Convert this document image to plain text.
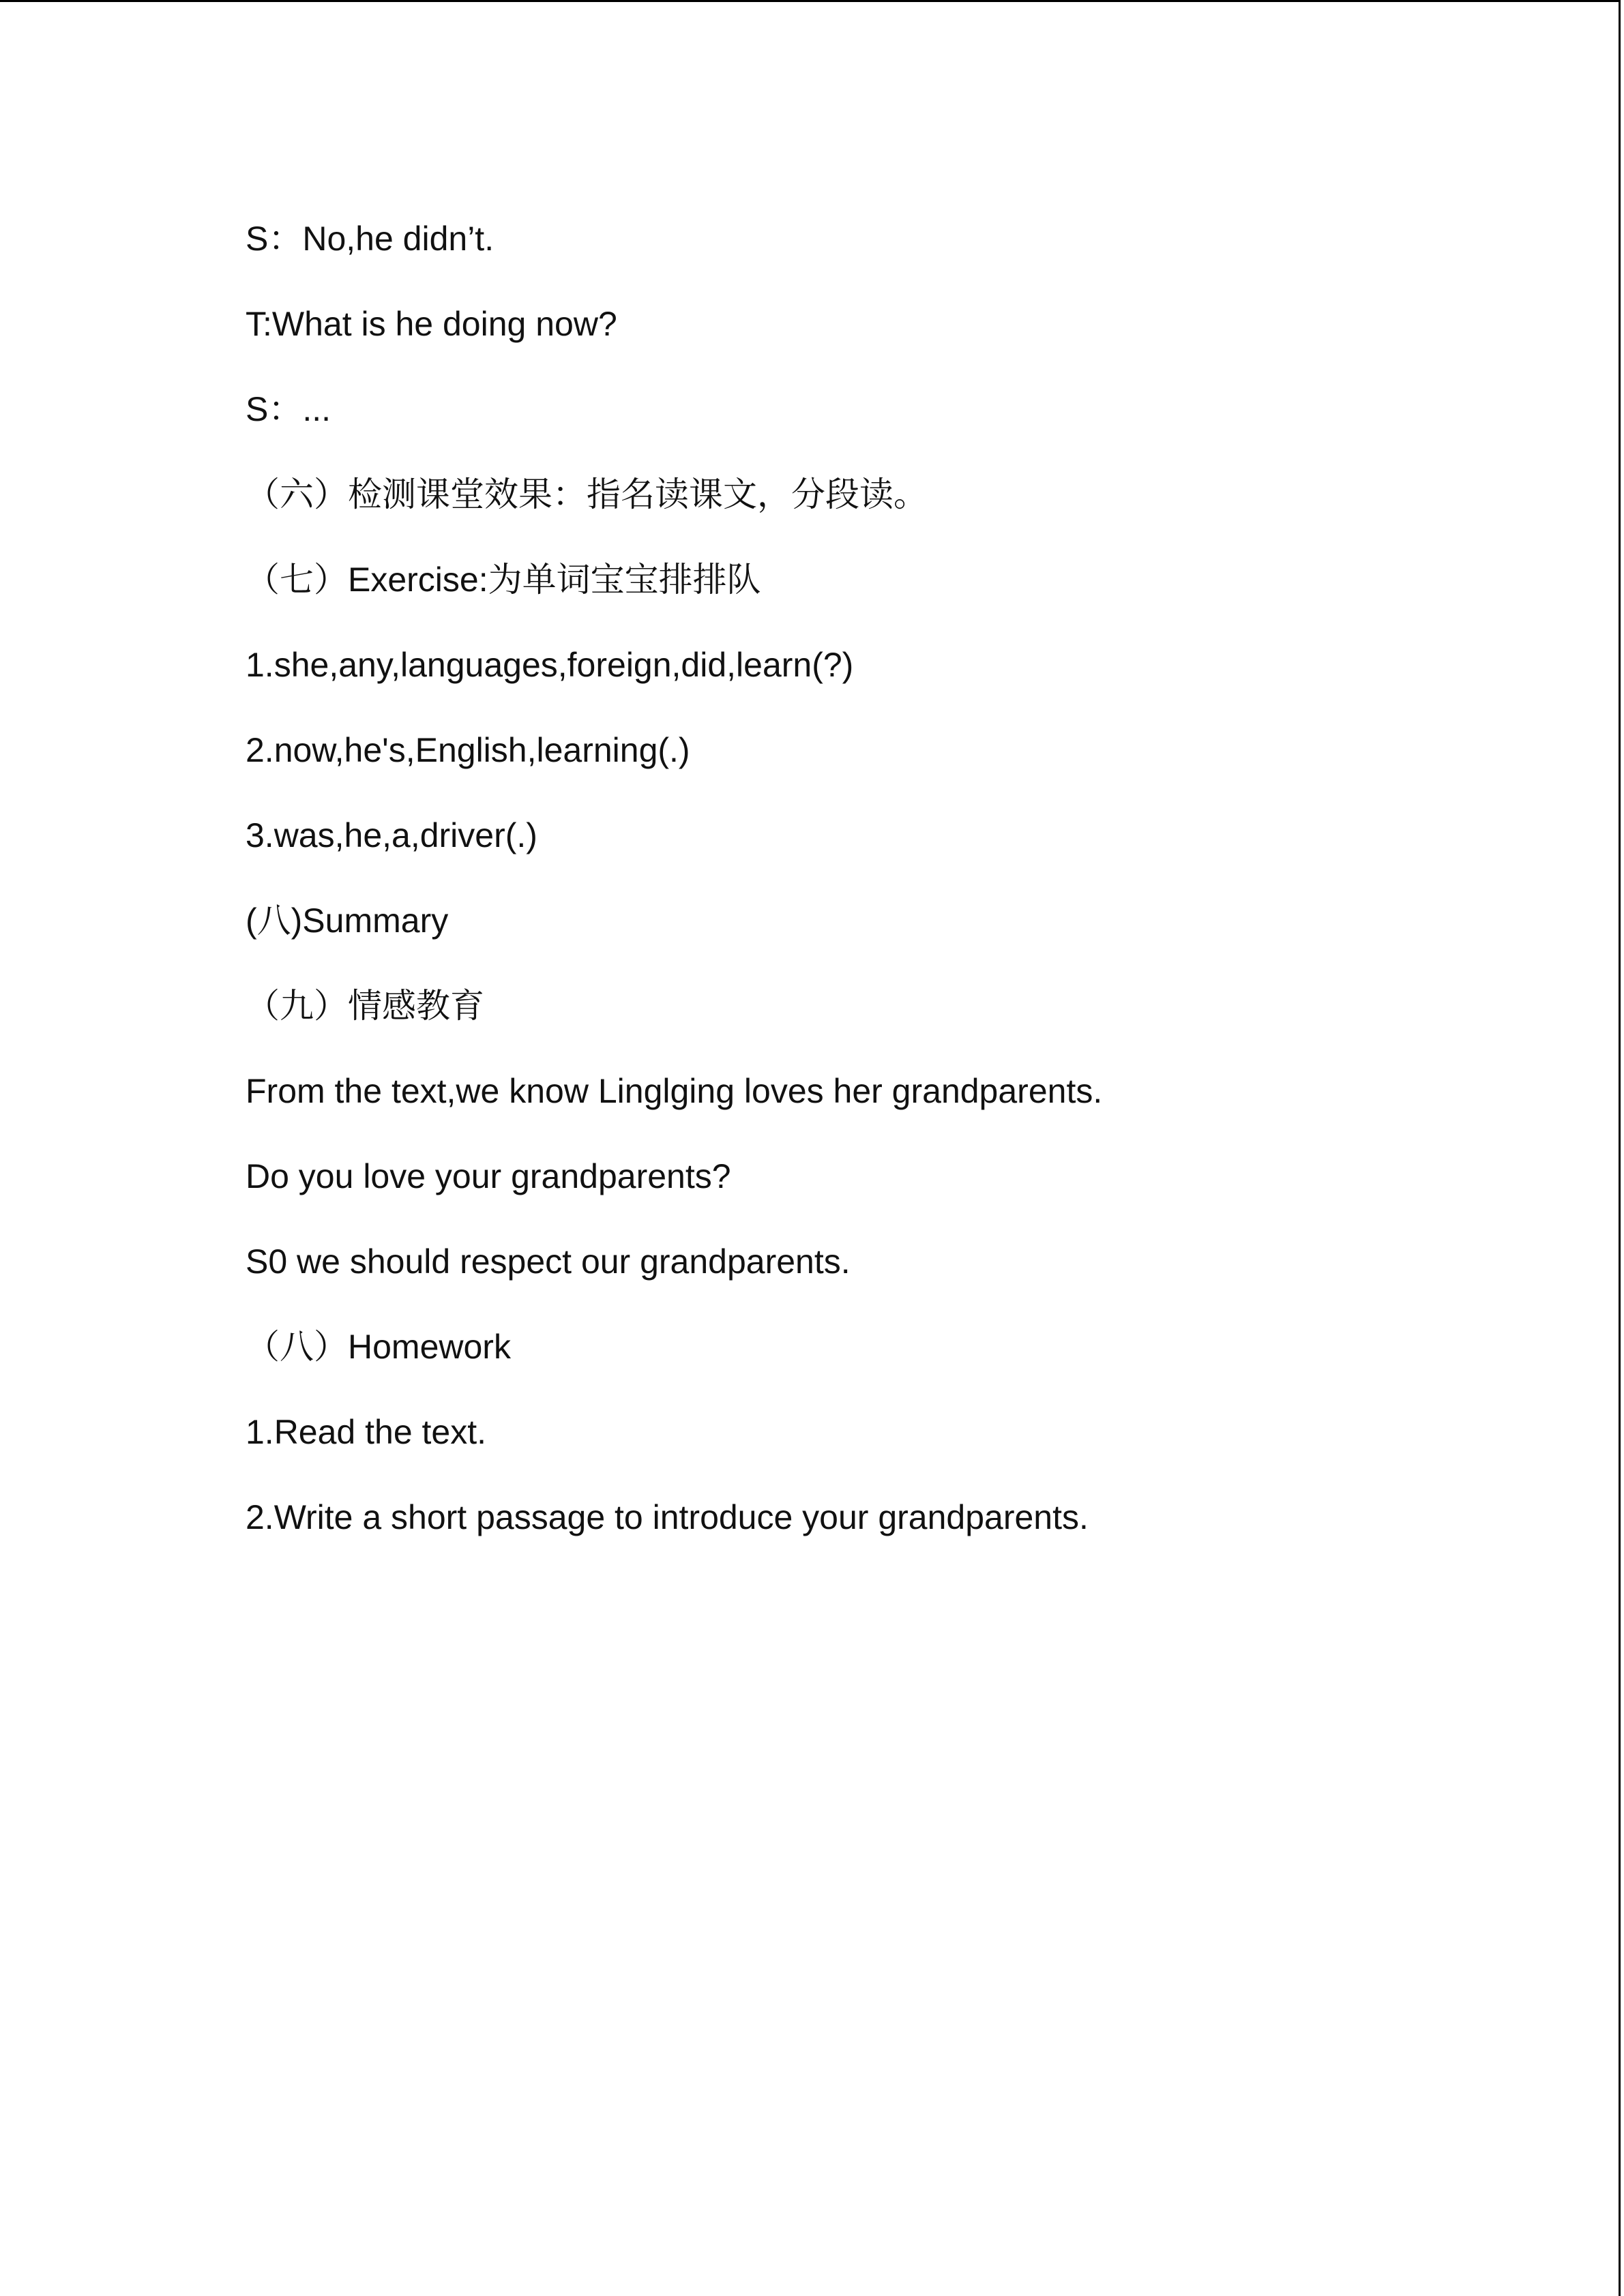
S：No,he didn’t.
T:What is he doing now?
S：...
（六）检测课堂效果：指名读课文，分段读。
（七）Exercise:为单词宝宝排排队
1.she,any,languages,foreign,did,learn(?)
2.now,he's,English,learning(.)
3.was,he,a,driver(.)
(八)Summary
（九）情感教育
From the text,we know Linglging loves her grandparents.
Do you love your grandparents?
S0 we should respect our grandparents.
（八）Homework
1.Read the text.
2.Write a short passage to introduce your grandparents.
